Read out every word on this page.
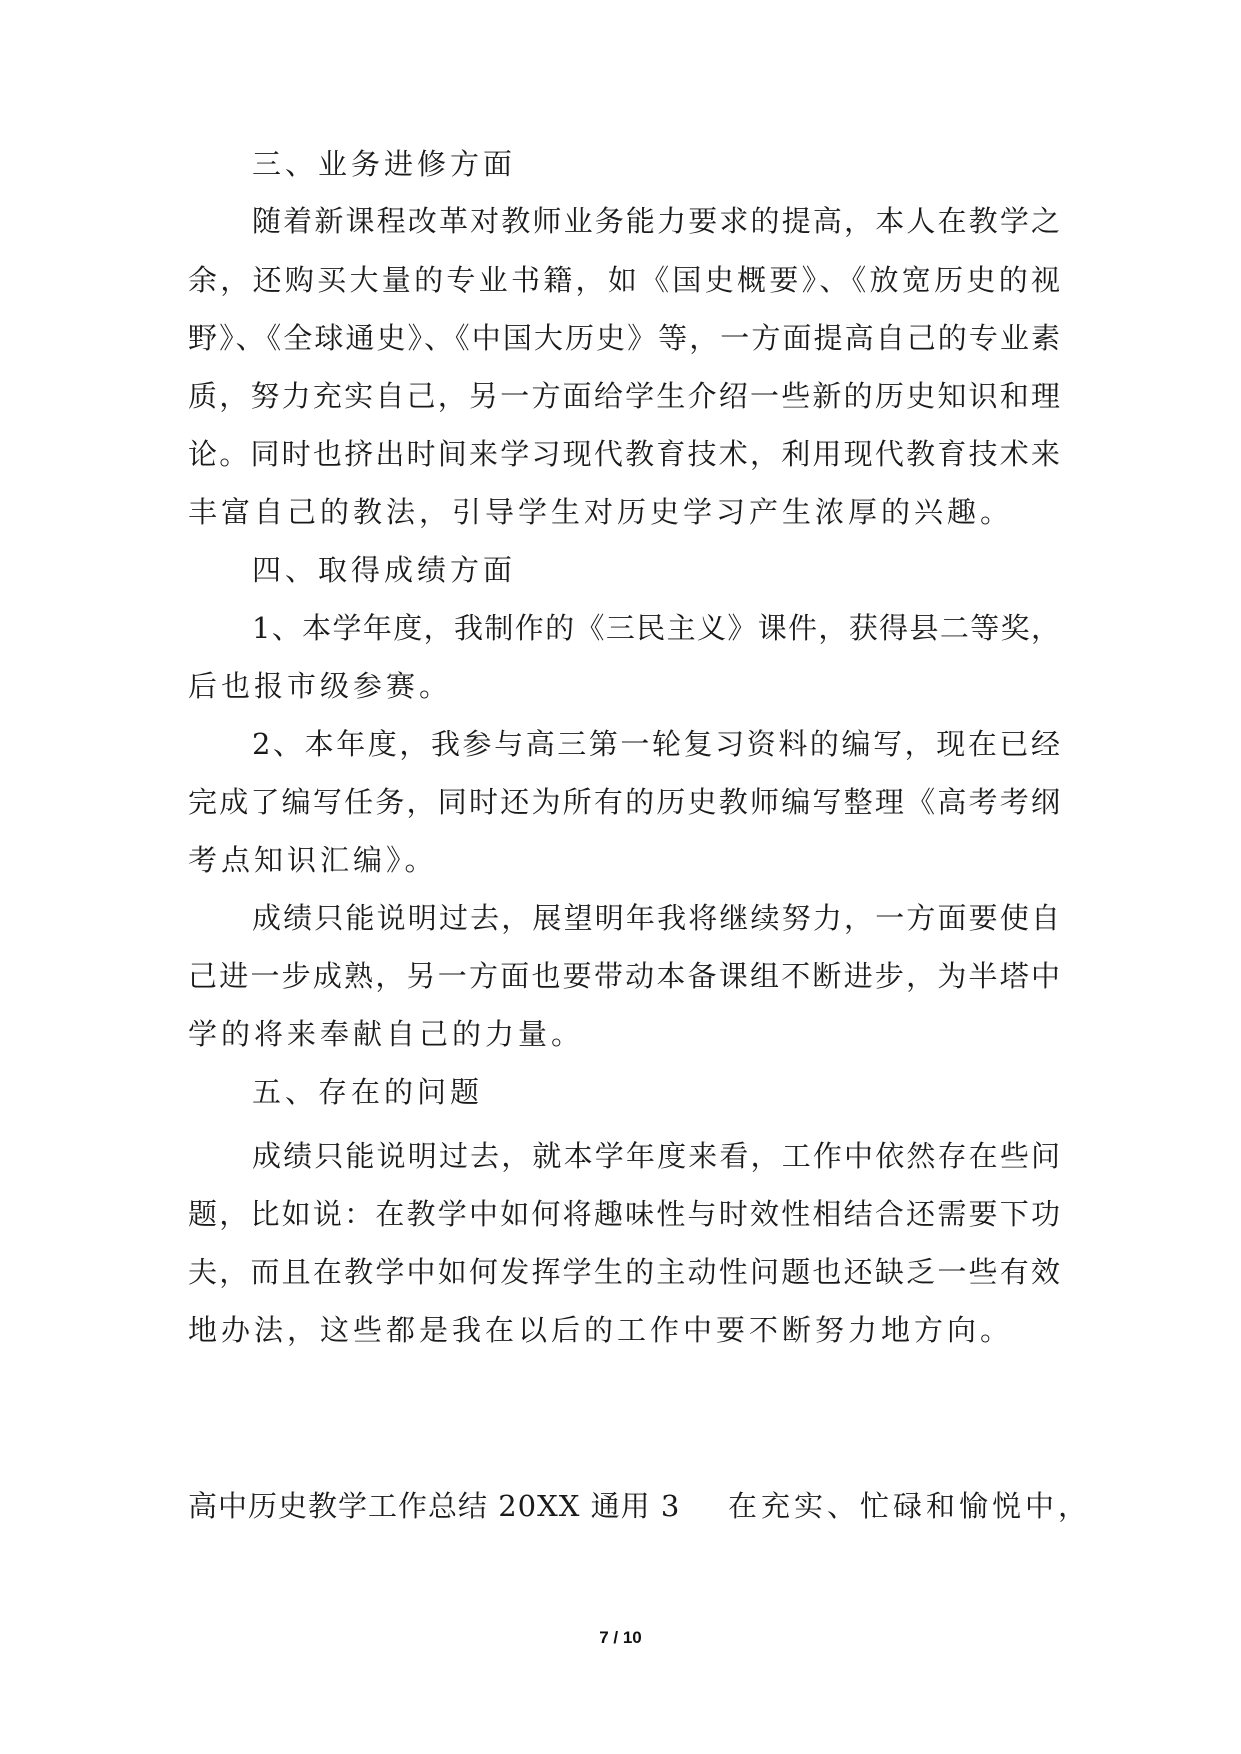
三、业务进修方面
随着新课程改革对教师业务能力要求的提高，本人在教学之
余，还购买大量的专业书籍，如《国史概要》、《放宽历史的视
野》、《全球通史》、《中国大历史》等，一方面提高自己的专业素
质，努力充实自己，另一方面给学生介绍一些新的历史知识和理
论。同时也挤出时间来学习现代教育技术，利用现代教育技术来
丰富自己的教法，引导学生对历史学习产生浓厚的兴趣。
四、取得成绩方面
1、本学年度，我制作的《三民主义》课件，获得县二等奖，
后也报市级参赛。
2、本年度，我参与高三第一轮复习资料的编写，现在已经
完成了编写任务，同时还为所有的历史教师编写整理《高考考纲
考点知识汇编》。
成绩只能说明过去，展望明年我将继续努力，一方面要使自
己进一步成熟，另一方面也要带动本备课组不断进步，为半塔中
学的将来奉献自己的力量。
五、存在的问题
成绩只能说明过去，就本学年度来看，工作中依然存在些问
题，比如说：在教学中如何将趣味性与时效性相结合还需要下功
夫，而且在教学中如何发挥学生的主动性问题也还缺乏一些有效
地办法，这些都是我在以后的工作中要不断努力地方向。
高中历史教学工作总结 20XX 通用 3 在充实、忙碌和愉悦中，
7 / 10
